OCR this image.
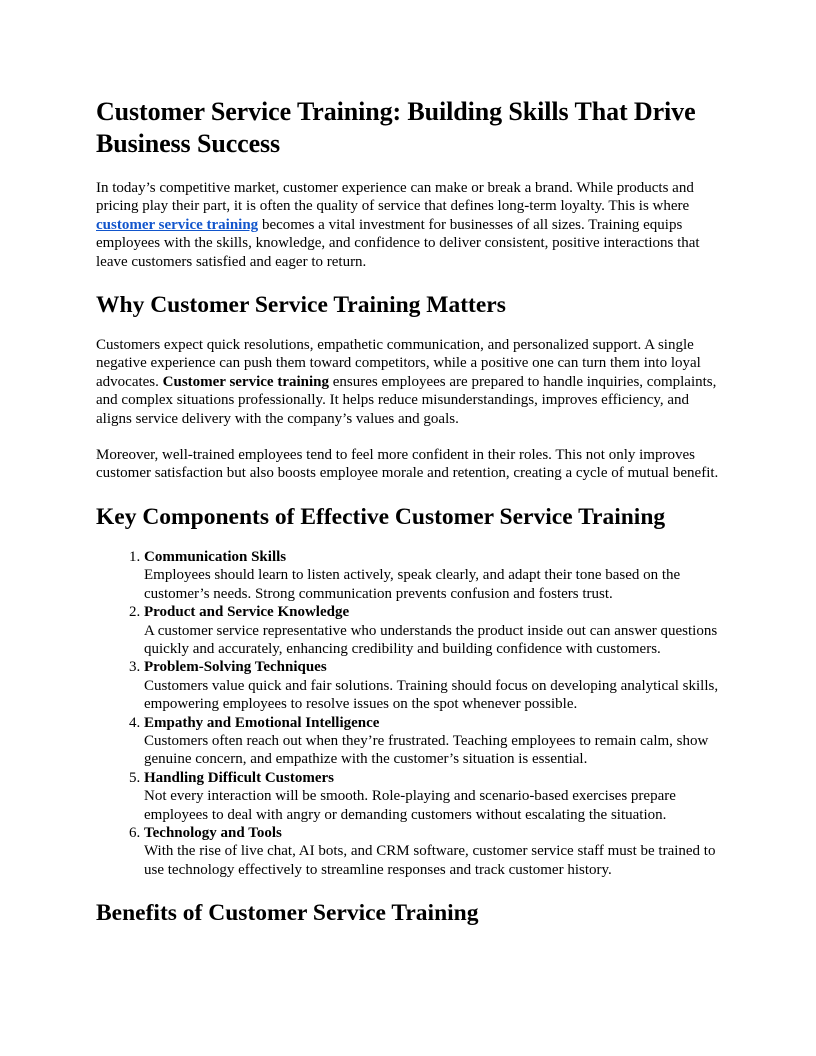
Customer Service Training: Building Skills That Drive Business Success

In today’s competitive market, customer experience can make or break a brand. While products and pricing play their part, it is often the quality of service that defines long-term loyalty. This is where customer service training becomes a vital investment for businesses of all sizes. Training equips employees with the skills, knowledge, and confidence to deliver consistent, positive interactions that leave customers satisfied and eager to return.

Why Customer Service Training Matters

Customers expect quick resolutions, empathetic communication, and personalized support. A single negative experience can push them toward competitors, while a positive one can turn them into loyal advocates. Customer service training ensures employees are prepared to handle inquiries, complaints, and complex situations professionally. It helps reduce misunderstandings, improves efficiency, and aligns service delivery with the company’s values and goals.

Moreover, well-trained employees tend to feel more confident in their roles. This not only improves customer satisfaction but also boosts employee morale and retention, creating a cycle of mutual benefit.

Key Components of Effective Customer Service Training
1. Communication Skills
Employees should learn to listen actively, speak clearly, and adapt their tone based on the customer’s needs. Strong communication prevents confusion and fosters trust.
2. Product and Service Knowledge
A customer service representative who understands the product inside out can answer questions quickly and accurately, enhancing credibility and building confidence with customers.
3. Problem-Solving Techniques
Customers value quick and fair solutions. Training should focus on developing analytical skills, empowering employees to resolve issues on the spot whenever possible.
4. Empathy and Emotional Intelligence
Customers often reach out when they’re frustrated. Teaching employees to remain calm, show genuine concern, and empathize with the customer’s situation is essential.
5. Handling Difficult Customers
Not every interaction will be smooth. Role-playing and scenario-based exercises prepare employees to deal with angry or demanding customers without escalating the situation.
6. Technology and Tools
With the rise of live chat, AI bots, and CRM software, customer service staff must be trained to use technology effectively to streamline responses and track customer history.
Benefits of Customer Service Training
